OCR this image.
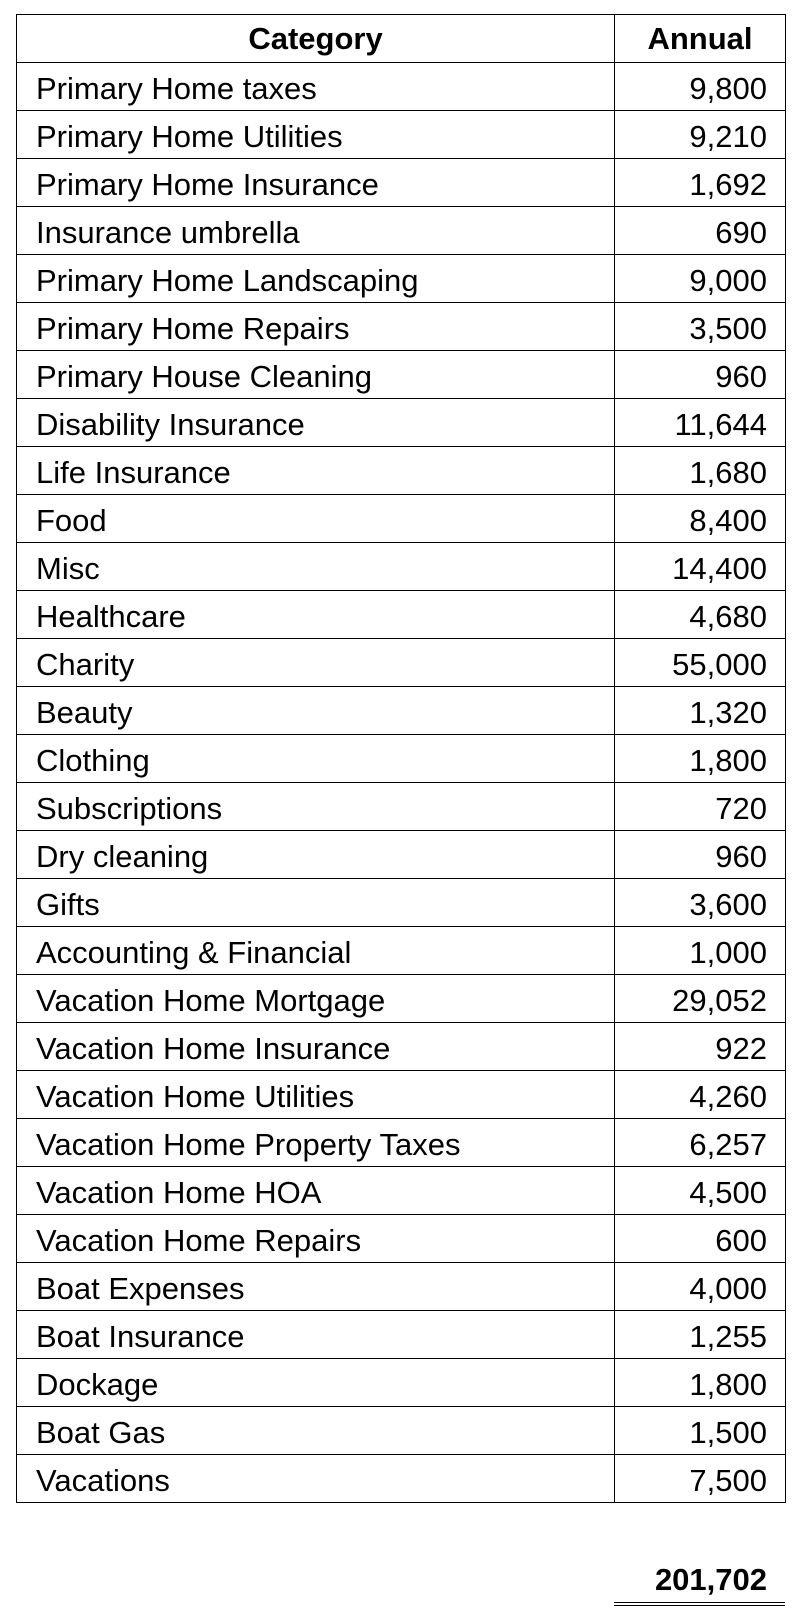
Category	Annual
Primary Home taxes	9,800
Primary Home Utilities	9,210
Primary Home Insurance	1,692
Insurance umbrella	690
Primary Home Landscaping	9,000
Primary Home Repairs	3,500
Primary House Cleaning	960
Disability Insurance	11,644
Life Insurance	1,680
Food	8,400
Misc	14,400
Healthcare	4,680
Charity	55,000
Beauty	1,320
Clothing	1,800
Subscriptions	720
Dry cleaning	960
Gifts	3,600
Accounting & Financial	1,000
Vacation Home Mortgage	29,052
Vacation Home Insurance	922
Vacation Home Utilities	4,260
Vacation Home Property Taxes	6,257
Vacation Home HOA	4,500
Vacation Home Repairs	600
Boat Expenses	4,000
Boat Insurance	1,255
Dockage	1,800
Boat Gas	1,500
Vacations	7,500
201,702
